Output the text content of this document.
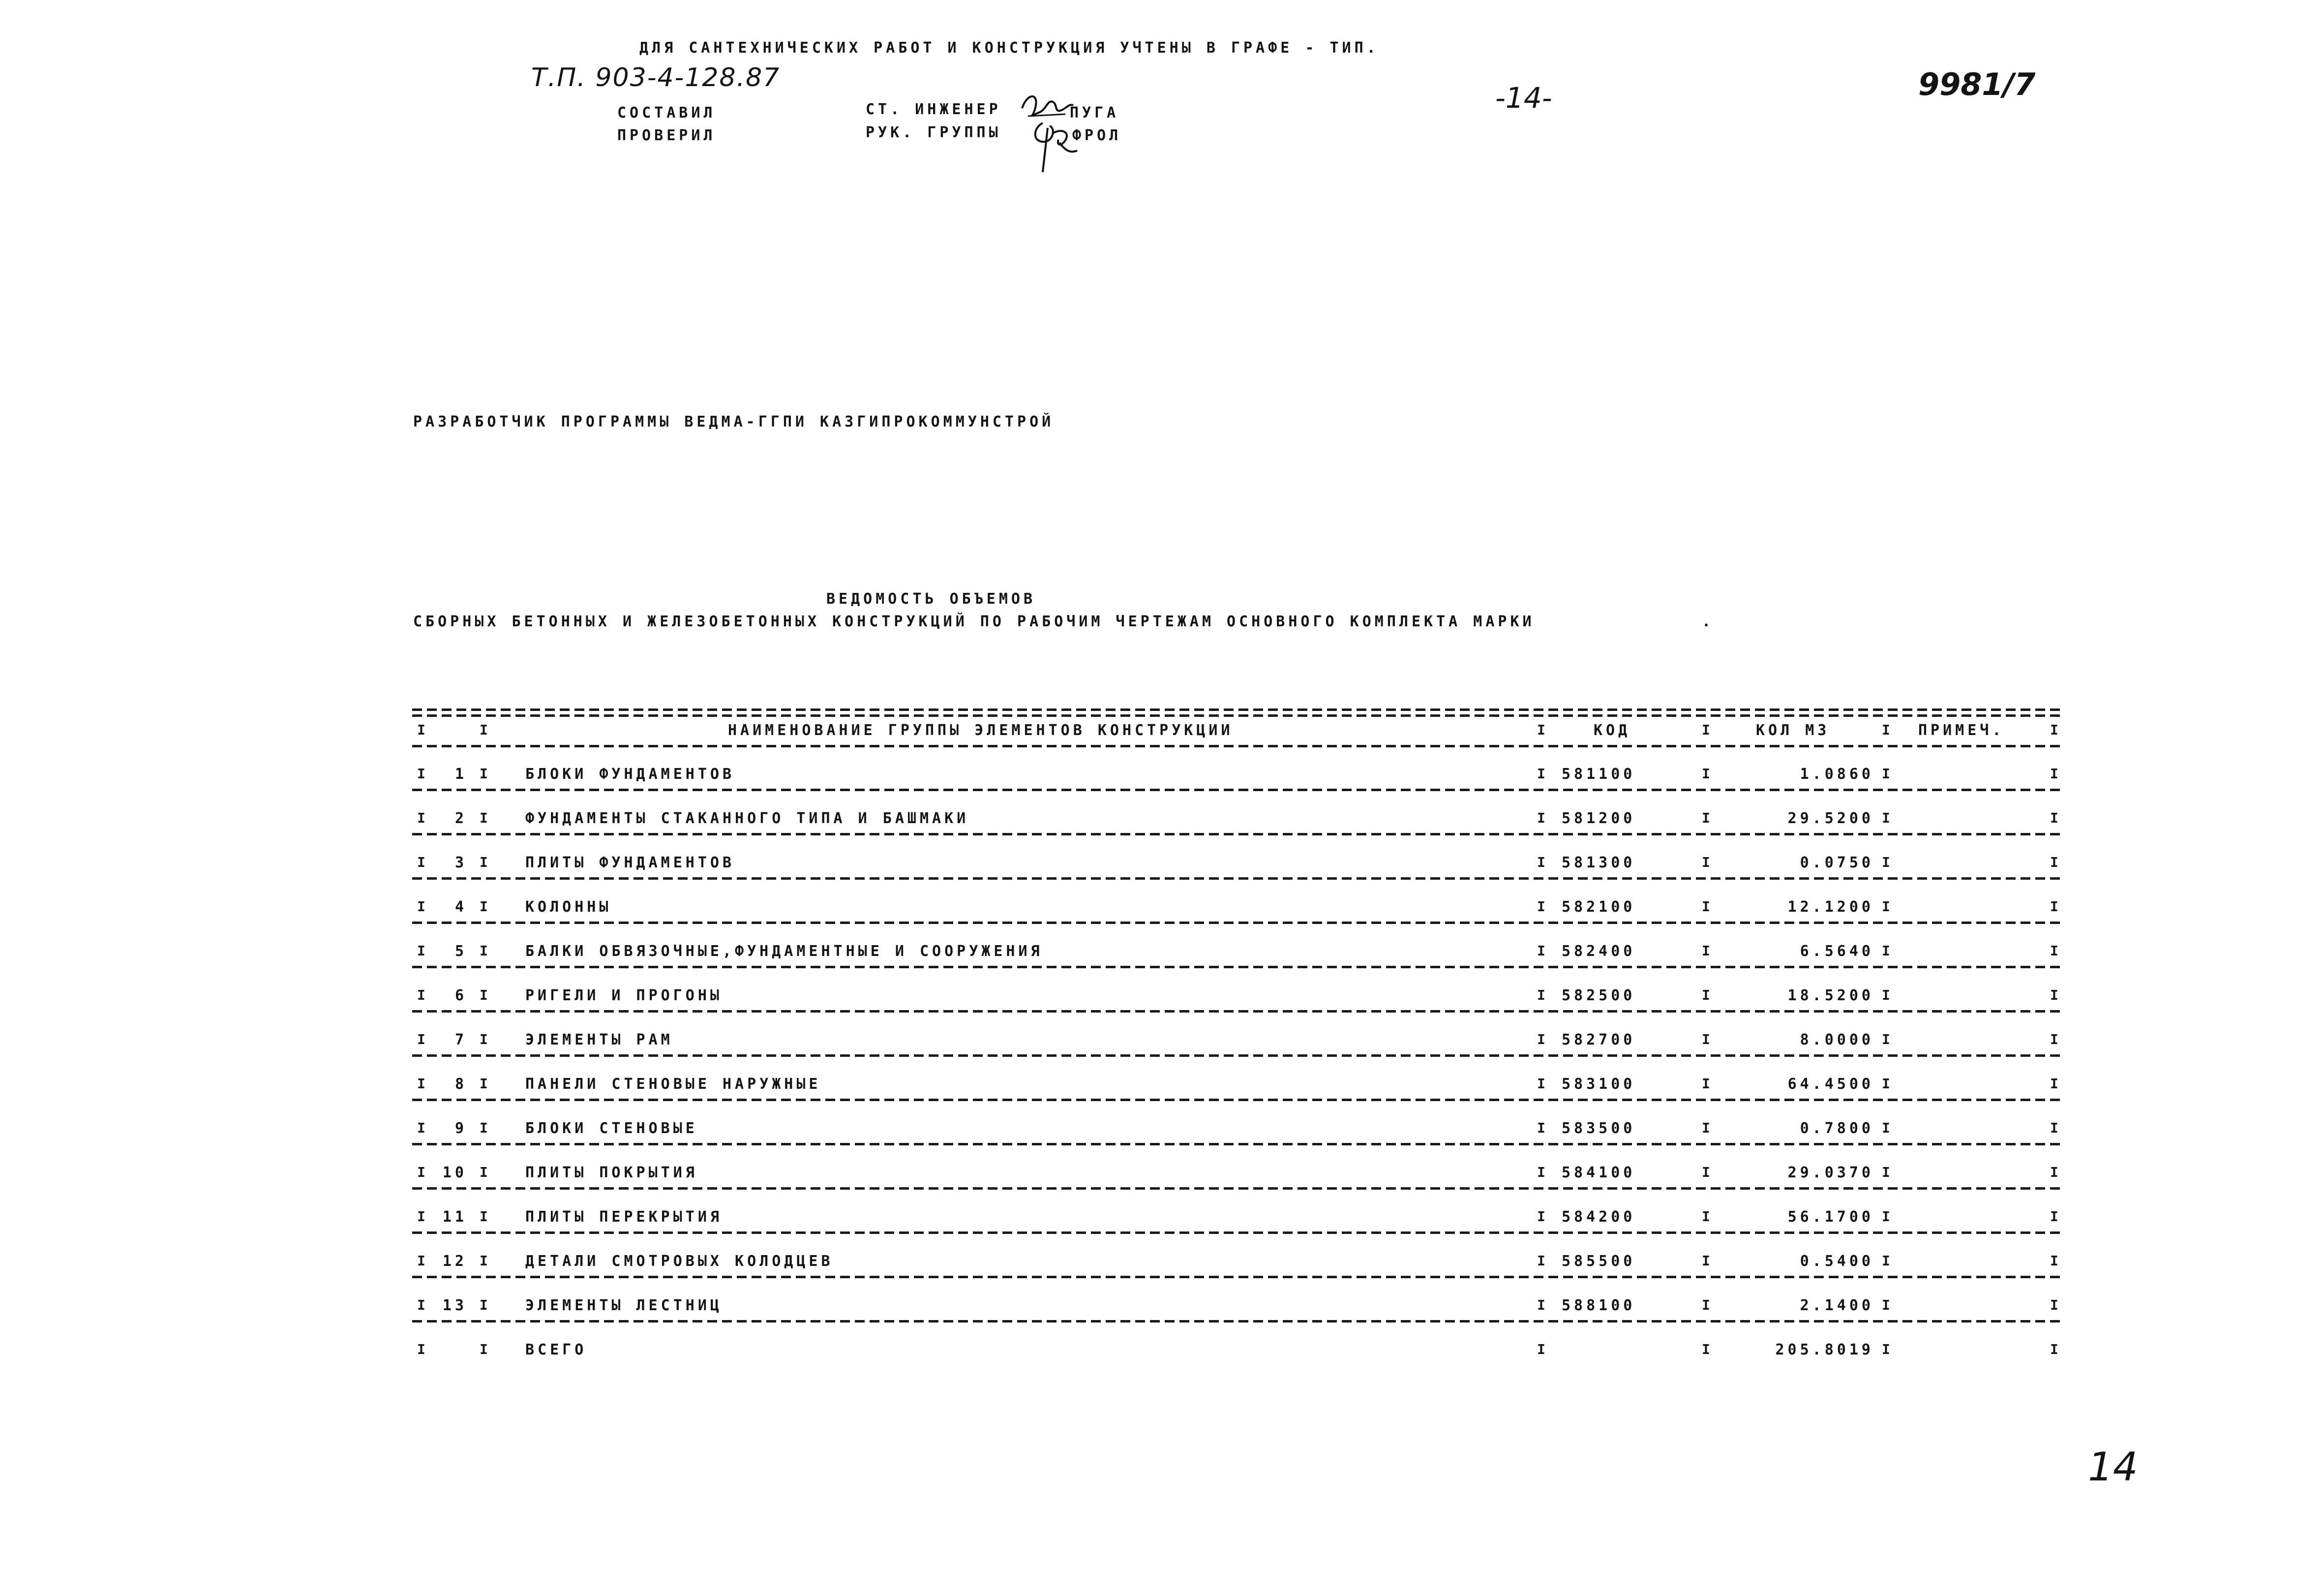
ДЛЯ САНТЕХНИЧЕСКИХ РАБОТ И КОНСТРУКЦИЯ УЧТЕНЫ В ГРАФЕ - ТИП.
Т.П. 903-4-128.87
-14-	9981/7
СОСТАВИЛ
ПРОВЕРИЛ
СТ. ИНЖЕНЕР
РУК. ГРУППЫ
ПУГА
ФРОЛ
РАЗРАБОТЧИК ПРОГРАММЫ ВЕДМА-ГГПИ КАЗГИПРОКОММУНСТРОЙ
ВЕДОМОСТЬ ОБЪЕМОВ
СБОРНЫХ БЕТОННЫХ И ЖЕЛЕЗОБЕТОННЫХ КОНСТРУКЦИЙ ПО РАБОЧИМ ЧЕРТЕЖАМ ОСНОВНОГО КОМПЛЕКТА МАРКИ	.
I	I	НАИМЕНОВАНИЕ ГРУППЫ ЭЛЕМЕНТОВ КОНСТРУКЦИИ	I	КОД	I	КОЛ М3	I ПРИМЕЧ.	I
I	1 I БЛОКИ ФУНДАМЕНТОВ	I 581100	I	1.0860 I	I
I	2 I ФУНДАМЕНТЫ СТАКАННОГО ТИПА И БАШМАКИ	I 581200	I	29.5200 I	I
I	3 I ПЛИТЫ ФУНДАМЕНТОВ	I 581300	I	0.0750 I	I
I	4 I КОЛОННЫ	I 582100	I	12.1200 I	I
I	5 I БАЛКИ ОБВЯЗОЧНЫЕ,ФУНДАМЕНТНЫЕ И СООРУЖЕНИЯ	I 582400	I	6.5640 I	I
I	6 I РИГЕЛИ И ПРОГОНЫ	I 582500	I	18.5200 I	I
I	7 I ЭЛЕМЕНТЫ РАМ	I 582700	I	8.0000 I	I
I	8 I ПАНЕЛИ СТЕНОВЫЕ НАРУЖНЫЕ	I 583100	I	64.4500 I	I
I	9 I БЛОКИ СТЕНОВЫЕ	I 583500	I	0.7800 I	I
I 10 I ПЛИТЫ ПОКРЫТИЯ	I 584100	I	29.0370 I	I
I 11 I ПЛИТЫ ПЕРЕКРЫТИЯ	I 584200	I	56.1700 I	I
I 12 I ДЕТАЛИ СМОТРОВЫХ КОЛОДЦЕВ	I 585500	I	0.5400 I	I
I 13 I ЭЛЕМЕНТЫ ЛЕСТНИЦ	I 588100	I	2.1400 I	I
I	I ВСЕГО	I	I	205.8019 I	I
14
